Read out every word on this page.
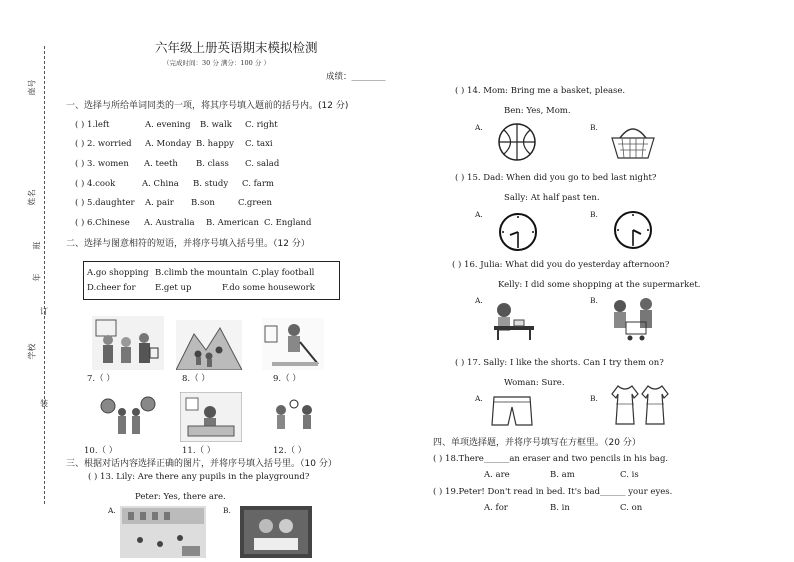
座号
姓名
班
年
订
学校
装
六年级上册英语期末模拟检测
（完成时间：30 分 满分：100 分 ）
成绩：________
一、选择与所给单词同类的一项，将其序号填入题前的括号内。(12 分)
( ) 1.left	A. evening B. walk C. right
( ) 2. worried A. Monday B. happy C. taxi
( ) 3. women A. teeth B. class C. salad
( ) 4.cook	A. China B. study C. farm
( ) 5.daughter A. pair B.son	C.green
( ) 6.Chinese A. Australia B. American C. England
二、选择与图意相符的短语，并将序号填入括号里。（12 分）
A.go shopping B.climb the mountain C.play football
D.cheer for E.get up	F.do some housework
7.（ ）	8.（ ）	9.（ ）
10.（ ）	11.（ ）	12.（ ）
三、根据对话内容选择正确的图片，并将序号填入括号里。（10 分）
( ) 13. Lily: Are there any pupils in the playground?
Peter: Yes, there are.
A.	B.
( ) 14. Mom: Bring me a basket, please.
Ben: Yes, Mom.
A.	B.
( ) 15. Dad: When did you go to bed last night?
Sally: At half past ten.
A.	B.
( ) 16. Julia: What did you do yesterday afternoon?
Kelly: I did some shopping at the supermarket.
A.	B.
( ) 17. Sally: I like the shorts. Can I try them on?
Woman: Sure.
A.	B.
四、单项选择题，并将序号填写在方框里。（20 分）
( ) 18.There______an eraser and two pencils in his bag.
A. are	B. am	C. is
( ) 19.Peter! Don't read in bed. It's bad______ your eyes.
A. for	B. in	C. on
